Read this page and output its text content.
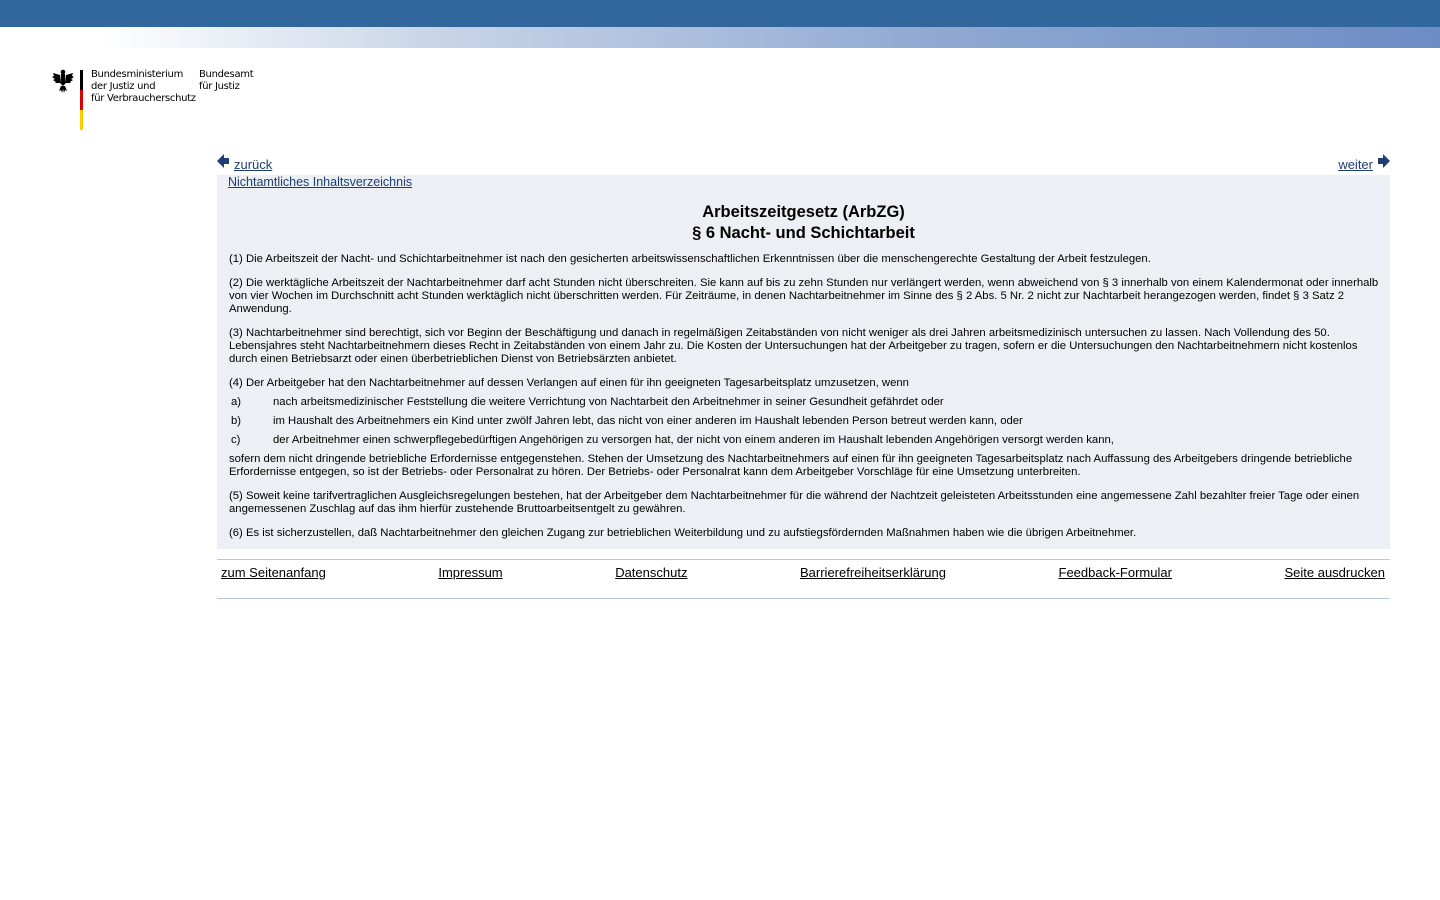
Bundesministerium
der Justiz und
für Verbraucherschutz
Bundesamt
für Justiz
zurück	weiter
Nichtamtliches Inhaltsverzeichnis
Arbeitszeitgesetz (ArbZG)
§ 6 Nacht- und Schichtarbeit
(1) Die Arbeitszeit der Nacht- und Schichtarbeitnehmer ist nach den gesicherten arbeitswissenschaftlichen Erkenntnissen über die menschengerechte Gestaltung der Arbeit festzulegen.
(2) Die werktägliche Arbeitszeit der Nachtarbeitnehmer darf acht Stunden nicht überschreiten. Sie kann auf bis zu zehn Stunden nur verlängert werden, wenn abweichend von § 3 innerhalb von einem Kalendermonat oder innerhalb von vier Wochen im Durchschnitt acht Stunden werktäglich nicht überschritten werden. Für Zeiträume, in denen Nachtarbeitnehmer im Sinne des § 2 Abs. 5 Nr. 2 nicht zur Nachtarbeit herangezogen werden, findet § 3 Satz 2 Anwendung.
(3) Nachtarbeitnehmer sind berechtigt, sich vor Beginn der Beschäftigung und danach in regelmäßigen Zeitabständen von nicht weniger als drei Jahren arbeitsmedizinisch untersuchen zu lassen. Nach Vollendung des 50. Lebensjahres steht Nachtarbeitnehmern dieses Recht in Zeitabständen von einem Jahr zu. Die Kosten der Untersuchungen hat der Arbeitgeber zu tragen, sofern er die Untersuchungen den Nachtarbeitnehmern nicht kostenlos durch einen Betriebsarzt oder einen überbetrieblichen Dienst von Betriebsärzten anbietet.
(4) Der Arbeitgeber hat den Nachtarbeitnehmer auf dessen Verlangen auf einen für ihn geeigneten Tagesarbeitsplatz umzusetzen, wenn
a)	nach arbeitsmedizinischer Feststellung die weitere Verrichtung von Nachtarbeit den Arbeitnehmer in seiner Gesundheit gefährdet oder
b)	im Haushalt des Arbeitnehmers ein Kind unter zwölf Jahren lebt, das nicht von einer anderen im Haushalt lebenden Person betreut werden kann, oder
c)	der Arbeitnehmer einen schwerpflegebedürftigen Angehörigen zu versorgen hat, der nicht von einem anderen im Haushalt lebenden Angehörigen versorgt werden kann,
sofern dem nicht dringende betriebliche Erfordernisse entgegenstehen. Stehen der Umsetzung des Nachtarbeitnehmers auf einen für ihn geeigneten Tagesarbeitsplatz nach Auffassung des Arbeitgebers dringende betriebliche Erfordernisse entgegen, so ist der Betriebs- oder Personalrat zu hören. Der Betriebs- oder Personalrat kann dem Arbeitgeber Vorschläge für eine Umsetzung unterbreiten.
(5) Soweit keine tarifvertraglichen Ausgleichsregelungen bestehen, hat der Arbeitgeber dem Nachtarbeitnehmer für die während der Nachtzeit geleisteten Arbeitsstunden eine angemessene Zahl bezahlter freier Tage oder einen angemessenen Zuschlag auf das ihm hierfür zustehende Bruttoarbeitsentgelt zu gewähren.
(6) Es ist sicherzustellen, daß Nachtarbeitnehmer den gleichen Zugang zur betrieblichen Weiterbildung und zu aufstiegsfördernden Maßnahmen haben wie die übrigen Arbeitnehmer.
zum Seitenanfang	Impressum	Datenschutz	Barrierefreiheitserklärung	Feedback-Formular	Seite ausdrucken
